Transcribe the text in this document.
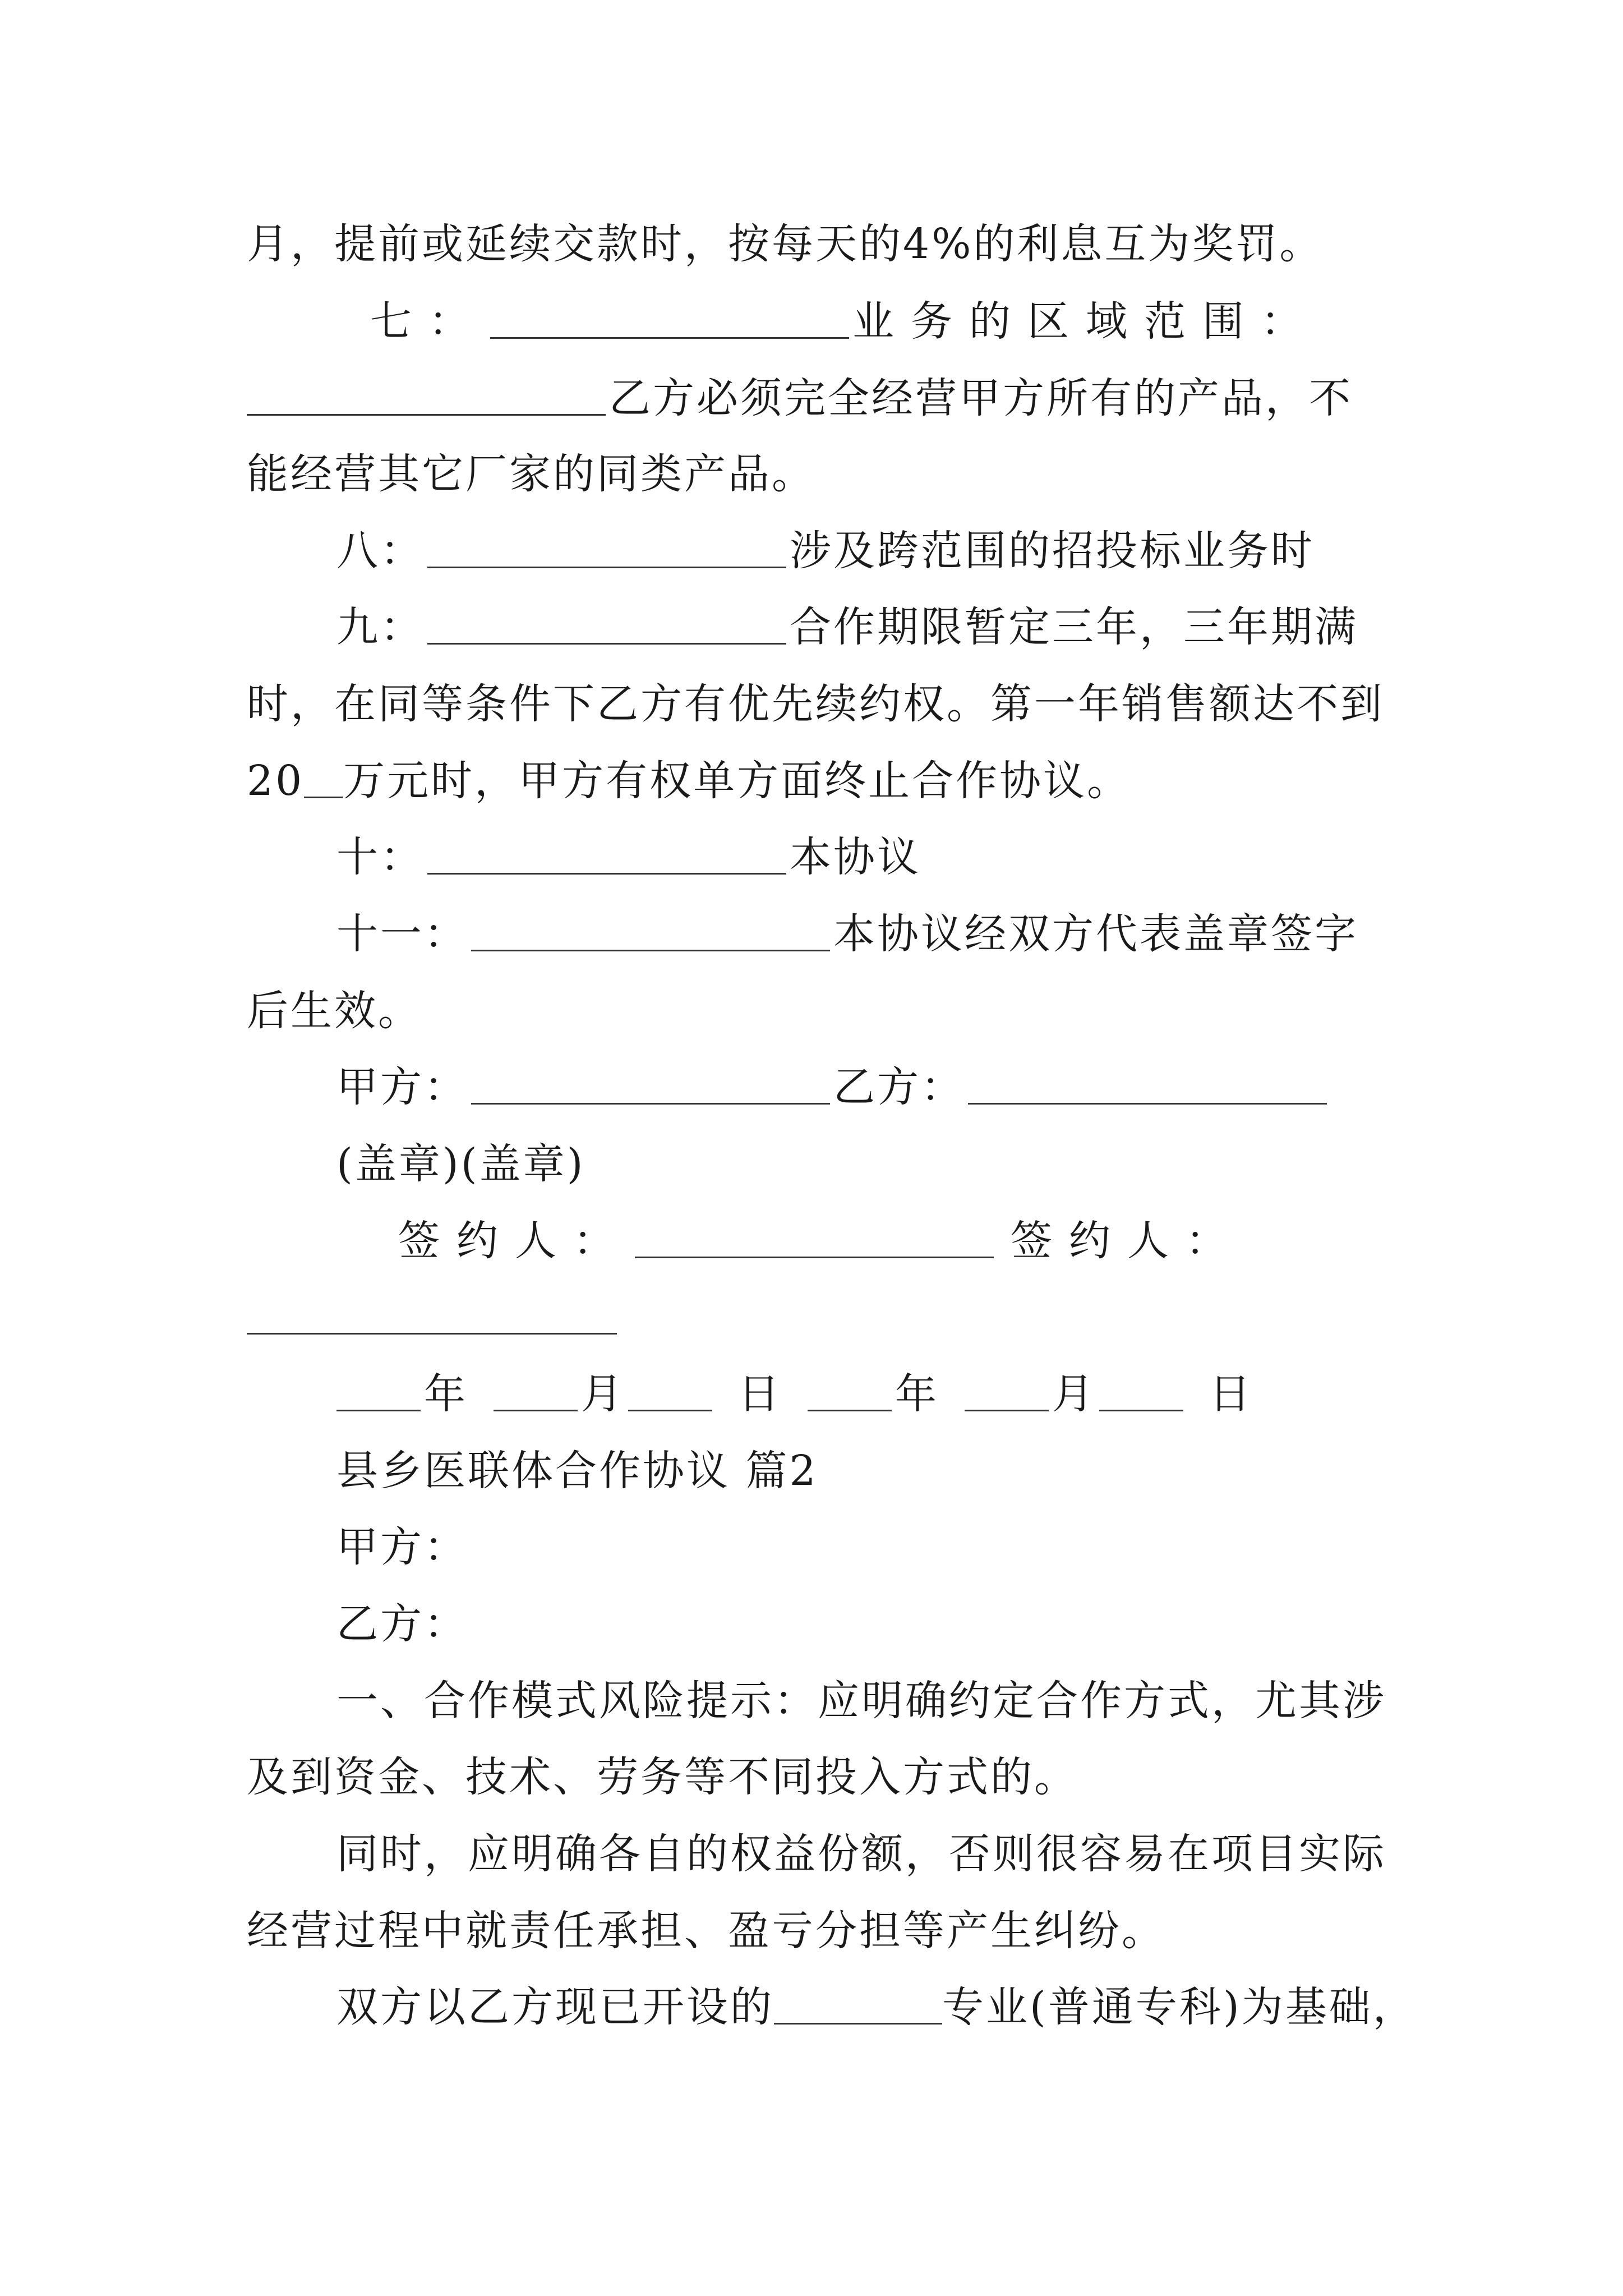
月，提前或延续交款时，按每天的4%的利息互为奖罚。
七：	业务的区域范围：
乙方必须完全经营甲方所有的产品，不
能经营其它厂家的同类产品。
八：	涉及跨范围的招投标业务时
九：	合作期限暂定三年，三年期满
时，在同等条件下乙方有优先续约权。第一年销售额达不到
20 万元时，甲方有权单方面终止合作协议。
十：	本协议
十一：	本协议经双方代表盖章签字
后生效。
甲方：	乙方：
(盖章)(盖章)
签约人：	签约人：
年	月	日	年	月	日
县乡医联体合作协议 篇2
甲方：
乙方：
一、合作模式风险提示：应明确约定合作方式，尤其涉
及到资金、技术、劳务等不同投入方式的。
同时，应明确各自的权益份额，否则很容易在项目实际
经营过程中就责任承担、盈亏分担等产生纠纷。
双方以乙方现已开设的	专业(普通专科)为基础，
